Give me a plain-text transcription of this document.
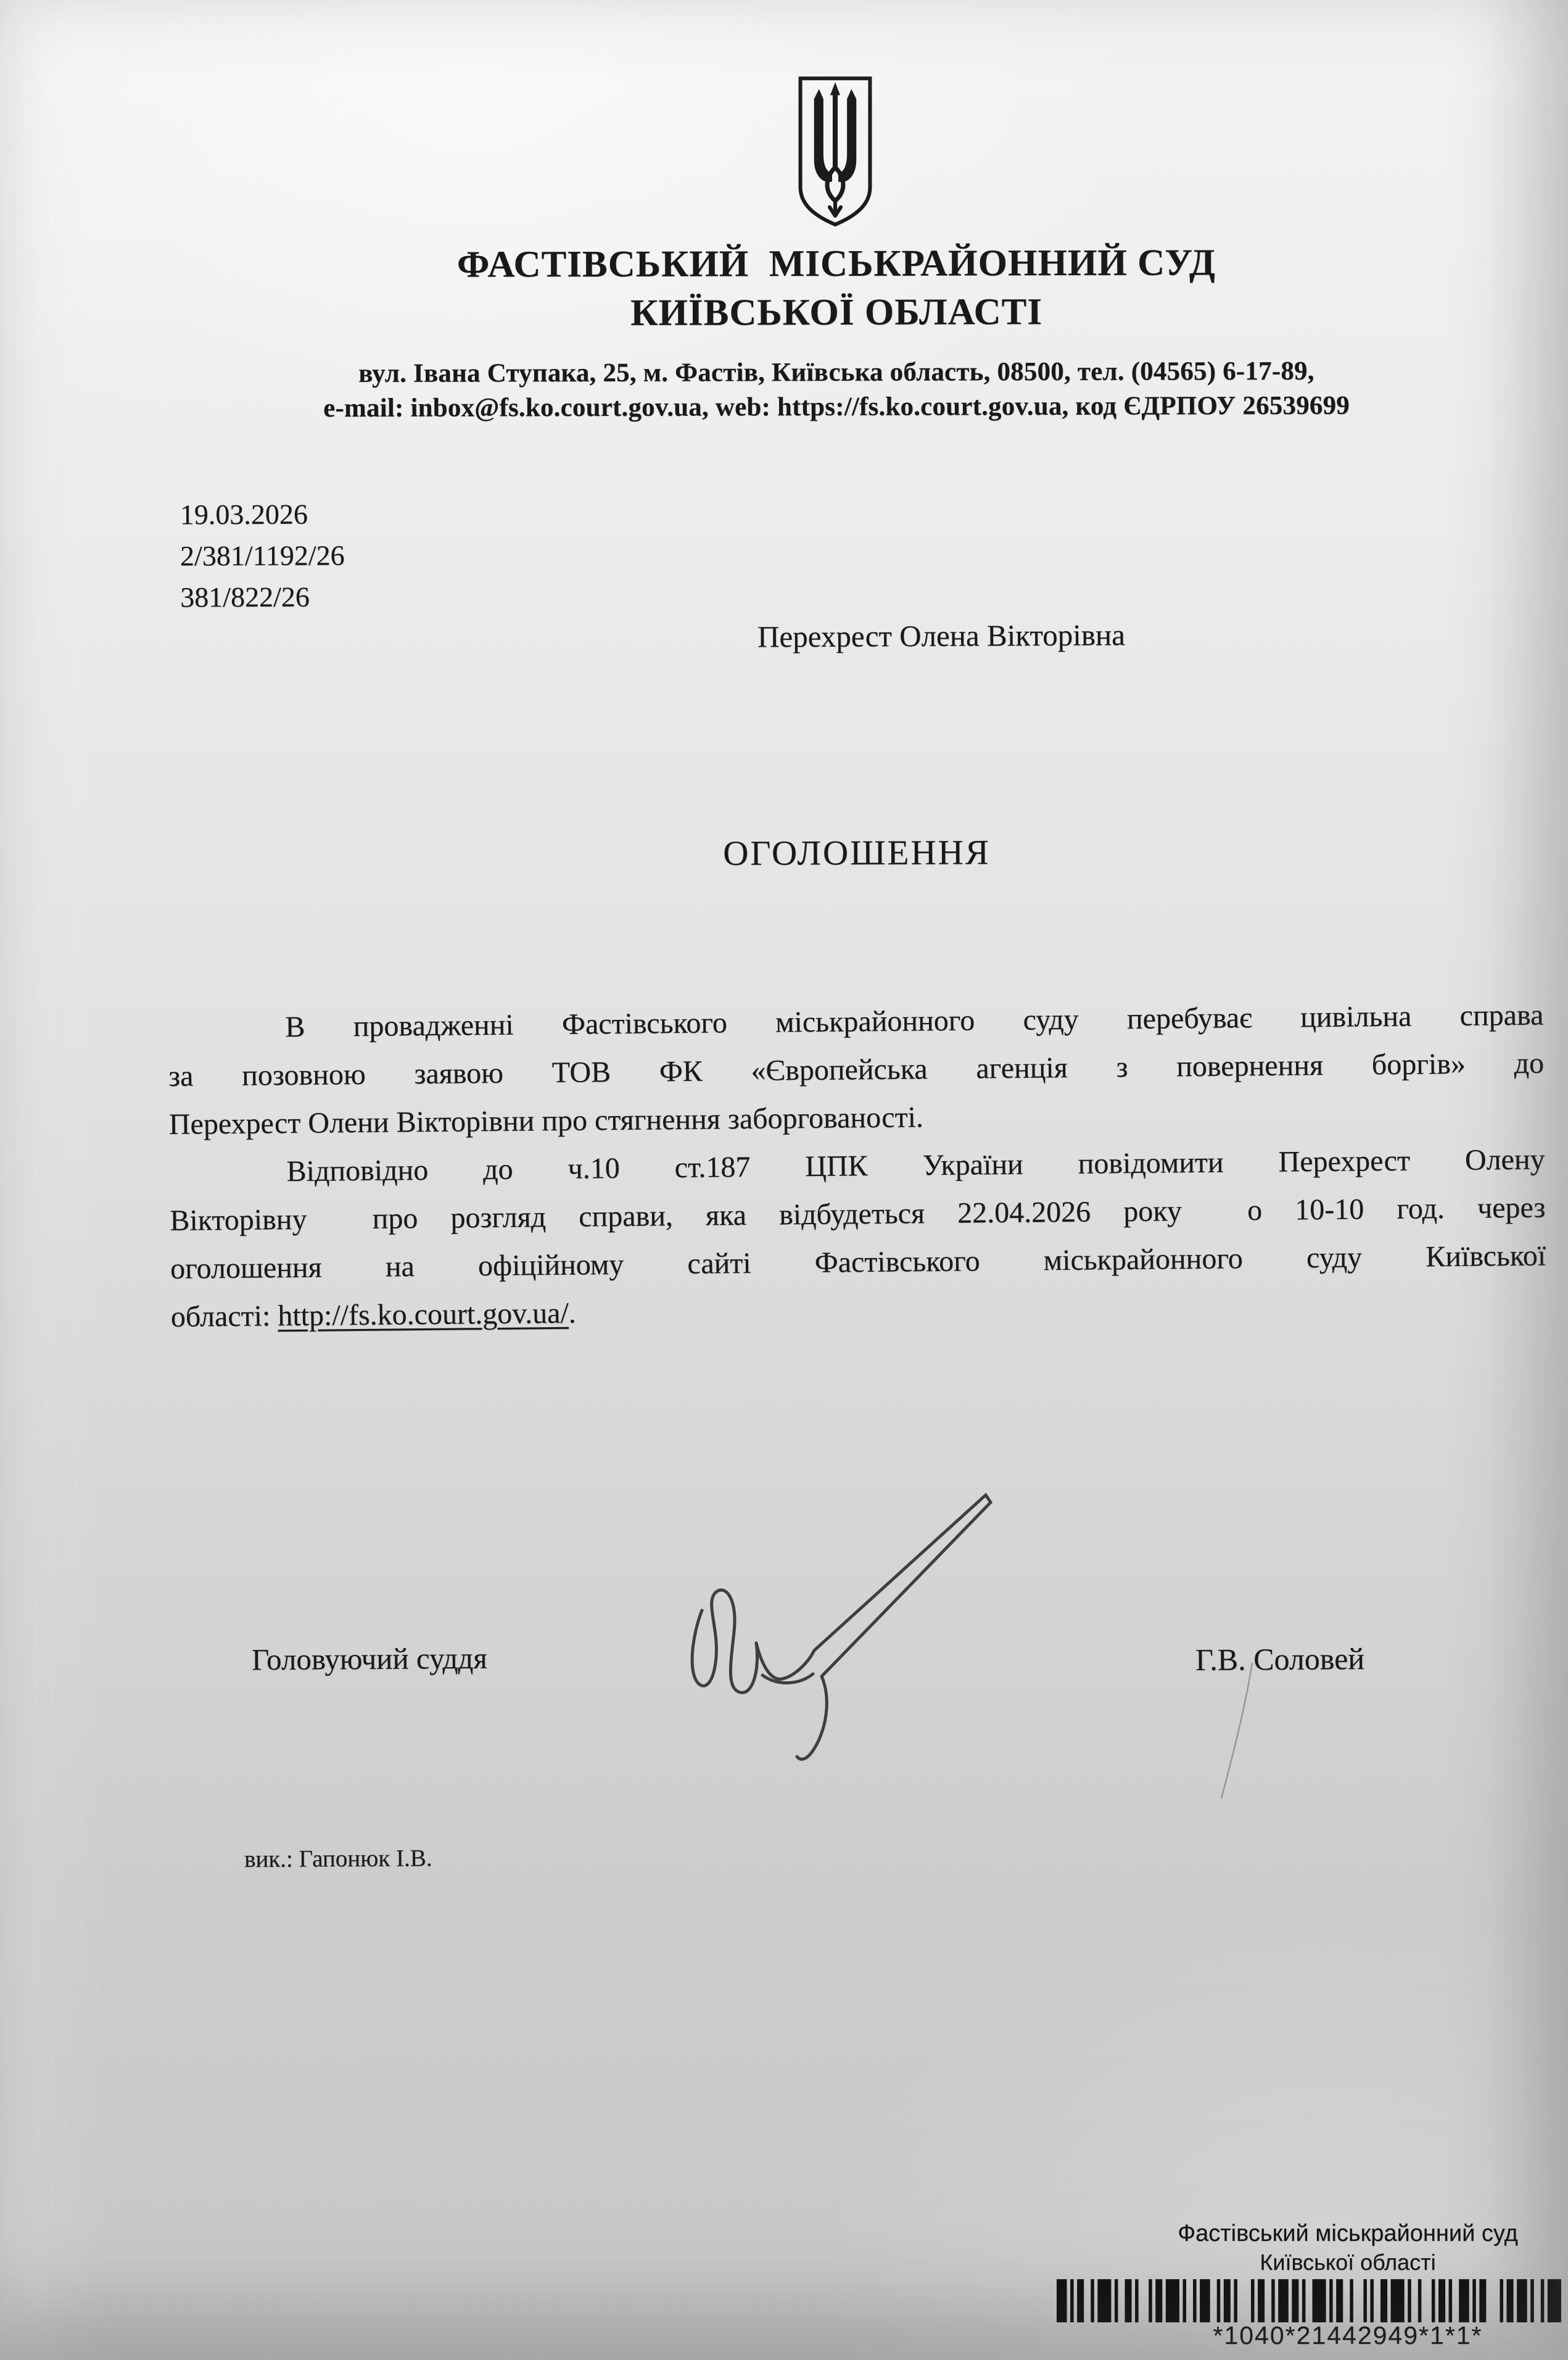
ФАСТІВСЬКИЙ  МІСЬКРАЙОННИЙ СУД
КИЇВСЬКОЇ ОБЛАСТІ
вул. Івана Ступака, 25, м. Фастів, Київська область, 08500, тел. (04565) 6-17-89,
e-mail: inbox@fs.ko.court.gov.ua, web: https://fs.ko.court.gov.ua, код ЄДРПОУ 26539699
19.03.2026
2/381/1192/26
381/822/26
Перехрест Олена Вікторівна
ОГОЛОШЕННЯ
В провадженні Фастівського міськрайонного суду перебуває цивільна справа
за позовною заявою ТОВ ФК «Європейська агенція з повернення боргів» до
Перехрест Олени Вікторівни про стягнення заборгованості.
Відповідно до ч.10 ст.187 ЦПК України повідомити Перехрест Олену
Вікторівну  про розгляд справи, яка відбудеться 22.04.2026 року  о 10-10 год. через
оголошення на офіційному сайті Фастівського міськрайонного суду Київської
області: http://fs.ko.court.gov.ua/.
Головуючий суддя	Г.В. Соловей
вик.: Гапонюк І.В.
Фастівський міськрайонний суд
Київської області
*1040*21442949*1*1*
